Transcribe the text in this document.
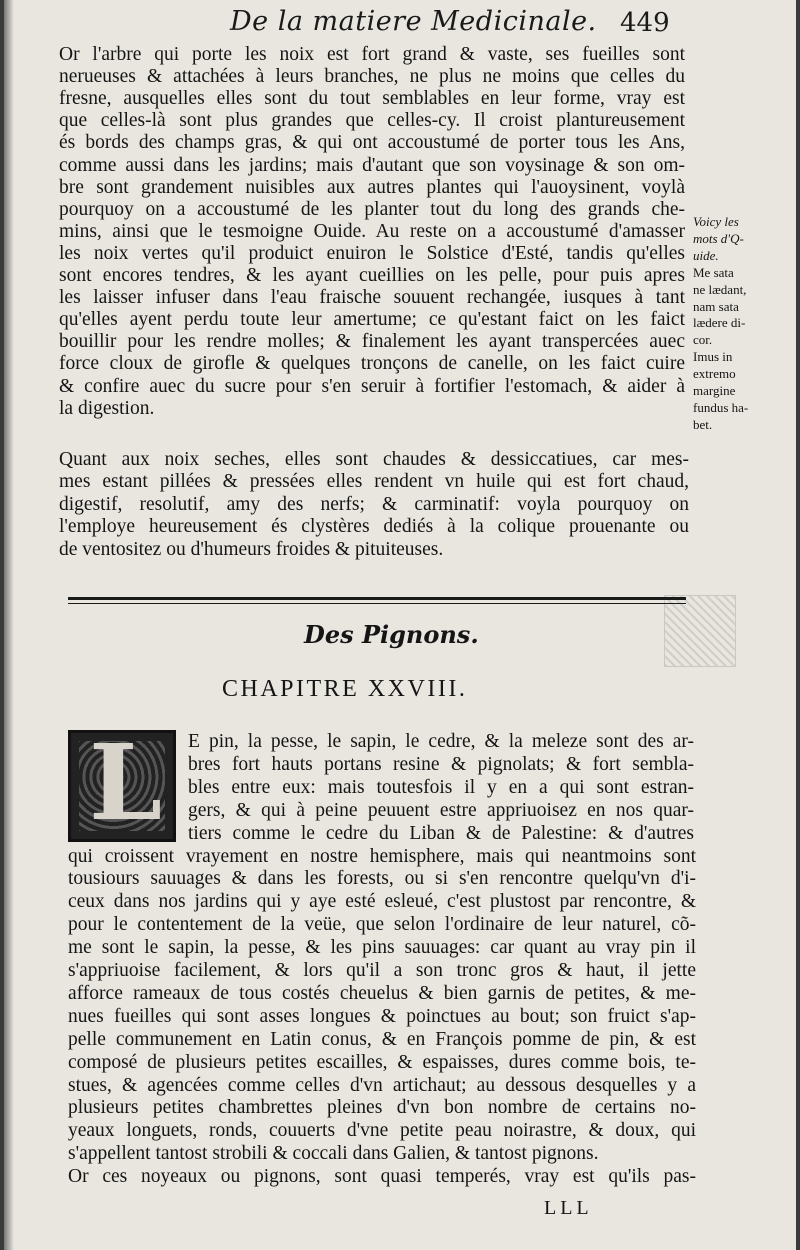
De la matiere Medicinale. 449
Or l'arbre qui porte les noix est fort grand & vaste, ses fueilles sont
nerueuses & attachées à leurs branches, ne plus ne moins que celles du
fresne, ausquelles elles sont du tout semblables en leur forme, vray est
que celles-là sont plus grandes que celles-cy. Il croist plantureusement
és bords des champs gras, & qui ont accoustumé de porter tous les Ans,
comme aussi dans les jardins; mais d'autant que son voysinage & son om-
bre sont grandement nuisibles aux autres plantes qui l'auoysinent, voylà
pourquoy on a accoustumé de les planter tout du long des grands che-
mins, ainsi que le tesmoigne Ouide. Au reste on a accoustumé d'amasser
les noix vertes qu'il produict enuiron le Solstice d'Esté, tandis qu'elles
sont encores tendres, & les ayant cueillies on les pelle, pour puis apres
les laisser infuser dans l'eau fraische souuent rechangée, iusques à tant
qu'elles ayent perdu toute leur amertume; ce qu'estant faict on les faict
bouillir pour les rendre molles; & finalement les ayant transpercées auec
force cloux de girofle & quelques tronçons de canelle, on les faict cuire
& confire auec du sucre pour s'en seruir à fortifier l'estomach, & aider à
la digestion.
Quant aux noix seches, elles sont chaudes & dessiccatiues, car mes-
mes estant pillées & pressées elles rendent vn huile qui est fort chaud,
digestif, resolutif, amy des nerfs; & carminatif: voyla pourquoy on
l'employe heureusement és clystères dediés à la colique prouenante ou
de ventositez ou d'humeurs froides & pituiteuses.
Voicy les
mots d'Q-
uide.
Me sata
ne lædant,
nam sata
lædere di-
cor.
Imus in
extremo
margine
fundus ha-
bet.
Des Pignons.
CHAPITRE XXVIII.
L E pin, la pesse, le sapin, le cedre, & la meleze sont des ar-
bres fort hauts portans resine & pignolats; & fort sembla-
bles entre eux: mais toutesfois il y en a qui sont estran-
gers, & qui à peine peuuent estre appriuoisez en nos quar-
tiers comme le cedre du Liban & de Palestine: & d'autres
qui croissent vrayement en nostre hemisphere, mais qui neantmoins sont
tousiours sauuages & dans les forests, ou si s'en rencontre quelqu'vn d'i-
ceux dans nos jardins qui y aye esté esleué, c'est plustost par rencontre, &
pour le contentement de la veüe, que selon l'ordinaire de leur naturel, cõ-
me sont le sapin, la pesse, & les pins sauuages: car quant au vray pin il
s'appriuoise facilement, & lors qu'il a son tronc gros & haut, il jette
afforce rameaux de tous costés cheuelus & bien garnis de petites, & me-
nues fueilles qui sont asses longues & poinctues au bout; son fruict s'ap-
pelle communement en Latin conus, & en François pomme de pin, & est
composé de plusieurs petites escailles, & espaisses, dures comme bois, te-
stues, & agencées comme celles d'vn artichaut; au dessous desquelles y a
plusieurs petites chambrettes pleines d'vn bon nombre de certains no-
yeaux longuets, ronds, couuerts d'vne petite peau noirastre, & doux, qui
s'appellent tantost strobili & coccali dans Galien, & tantost pignons.
Or ces noyeaux ou pignons, sont quasi temperés, vray est qu'ils pas-
LLL
